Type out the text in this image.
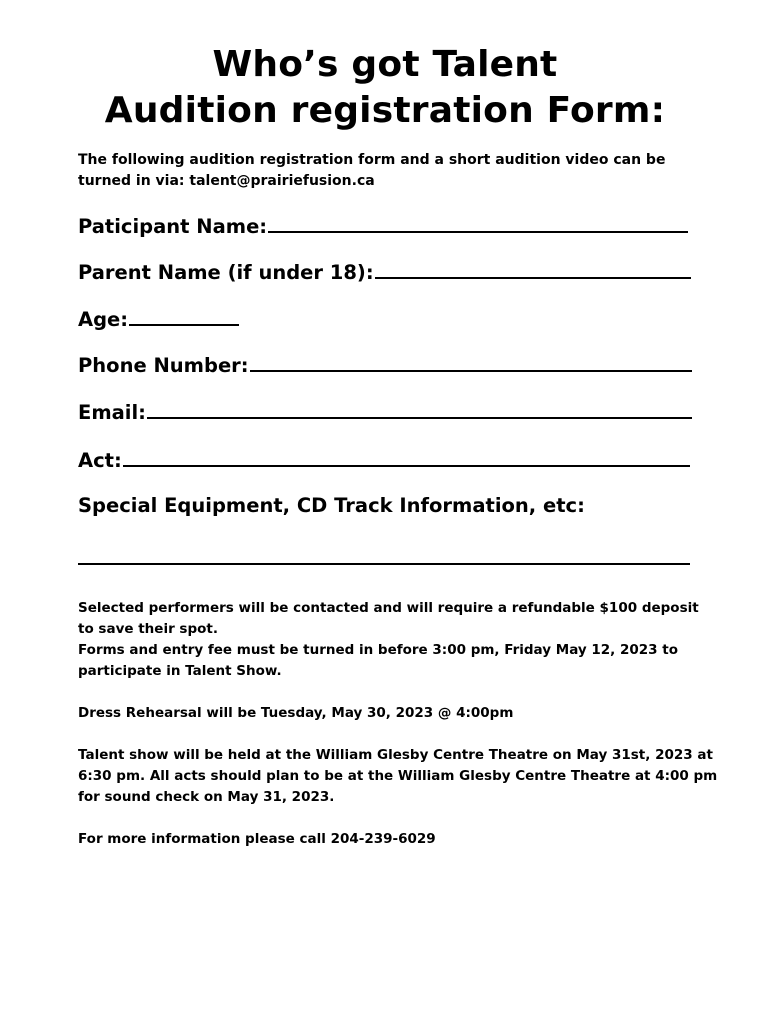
Who’s got Talent
Audition registration Form:
The following audition registration form and a short audition video can be turned in via: talent@prairiefusion.ca
Paticipant Name:
Parent Name (if under 18):
Age:
Phone Number:
Email:
Act:
Special Equipment, CD Track Information, etc:

Selected performers will be contacted and will require a refundable $100 deposit to save their spot.

Forms and entry fee must be turned in before 3:00 pm, Friday May 12, 2023 to participate in Talent Show.

Dress Rehearsal will be Tuesday, May 30, 2023 @ 4:00pm

Talent show will be held at the William Glesby Centre Theatre on May 31st, 2023 at 6:30 pm. All acts should plan to be at the William Glesby Centre Theatre at 4:00 pm for sound check on May 31, 2023.

For more information please call 204-239-6029
